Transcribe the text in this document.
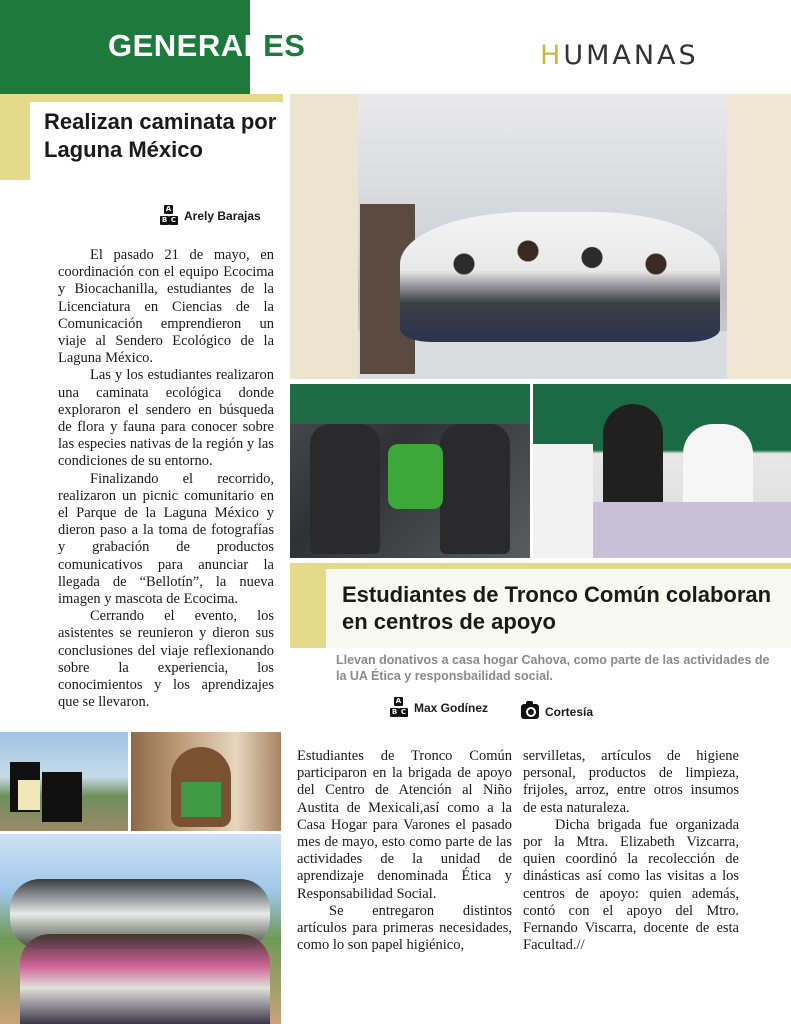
GENERALES	HUMANAS
Realizan caminata por Laguna México
A
B C Arely Barajas

El pasado 21 de mayo, en coordinación con el equipo Ecocima y Biocachanilla, estudiantes de la Licenciatura en Ciencias de la Comunicación emprendieron un viaje al Sendero Ecológico de la Laguna México.

Las y los estudiantes realizaron una caminata ecológica donde exploraron el sendero en búsqueda de flora y fauna para conocer sobre las especies nativas de la región y las condiciones de su entorno.

Finalizando el recorrido, realizaron un picnic comunitario en el Parque de la Laguna México y dieron paso a la toma de fotografías y grabación de productos comunicativos para anunciar la llegada de “Bellotín”, la nueva imagen y mascota de Ecocima.

Cerrando el evento, los asistentes se reunieron y dieron sus conclusiones del viaje reflexionando sobre la experiencia, los conocimientos y los aprendizajes que se llevaron.

Estudiantes de Tronco Común colaboran en centros de apoyo
Llevan donativos a casa hogar Cahova, como parte de las actividades de la UA Ética y responsbailidad social.
A
B C Max Godínez	Cortesía

Estudiantes de Tronco Común participaron en la brigada de apoyo del Centro de Atención al Niño Austita de Mexicali,así como a la Casa Hogar para Varones el pasado mes de mayo, esto como parte de las actividades de la unidad de aprendizaje denominada Ética y Responsabilidad Social.

Se entregaron distintos artículos para primeras necesidades, como lo son papel higiénico,

servilletas, artículos de higiene personal, productos de limpieza, frijoles, arroz, entre otros insumos de esta naturaleza.

Dicha brigada fue organizada por la Mtra. Elizabeth Vizcarra, quien coordinó la recolección de dinásticas así como las visitas a los centros de apoyo: quien además, contó con el apoyo del Mtro. Fernando Viscarra, docente de esta Facultad.//
